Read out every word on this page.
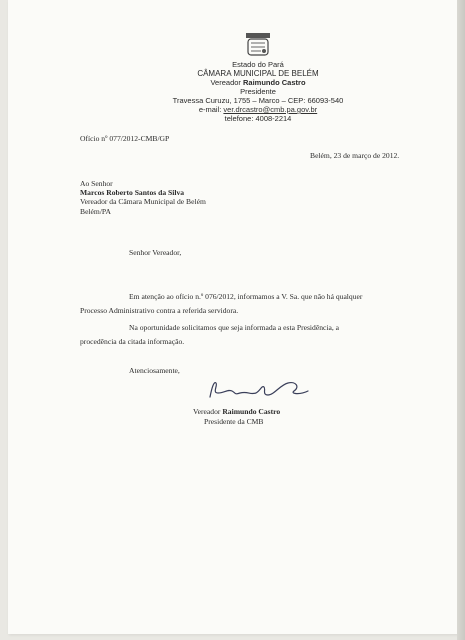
Estado do Pará
CÂMARA MUNICIPAL DE BELÉM
Vereador Raimundo Castro
Presidente
Travessa Curuzu, 1755 – Marco – CEP: 66093-540
e-mail: ver.drcastro@cmb.pa.gov.br
telefone: 4008-2214
Ofício nº 077/2012-CMB/GP
Belém, 23 de março de 2012.
Ao Senhor
Marcos Roberto Santos da Silva
Vereador da Câmara Municipal de Belém
Belém/PA
Senhor Vereador,
Em atenção ao ofício n.º 076/2012, informamos a V. Sa. que não há qualquer
Processo Administrativo contra a referida servidora.
Na oportunidade solicitamos que seja informada a esta Presidência, a
procedência da citada informação.
Atenciosamente,
Vereador Raimundo Castro
Presidente da CMB
